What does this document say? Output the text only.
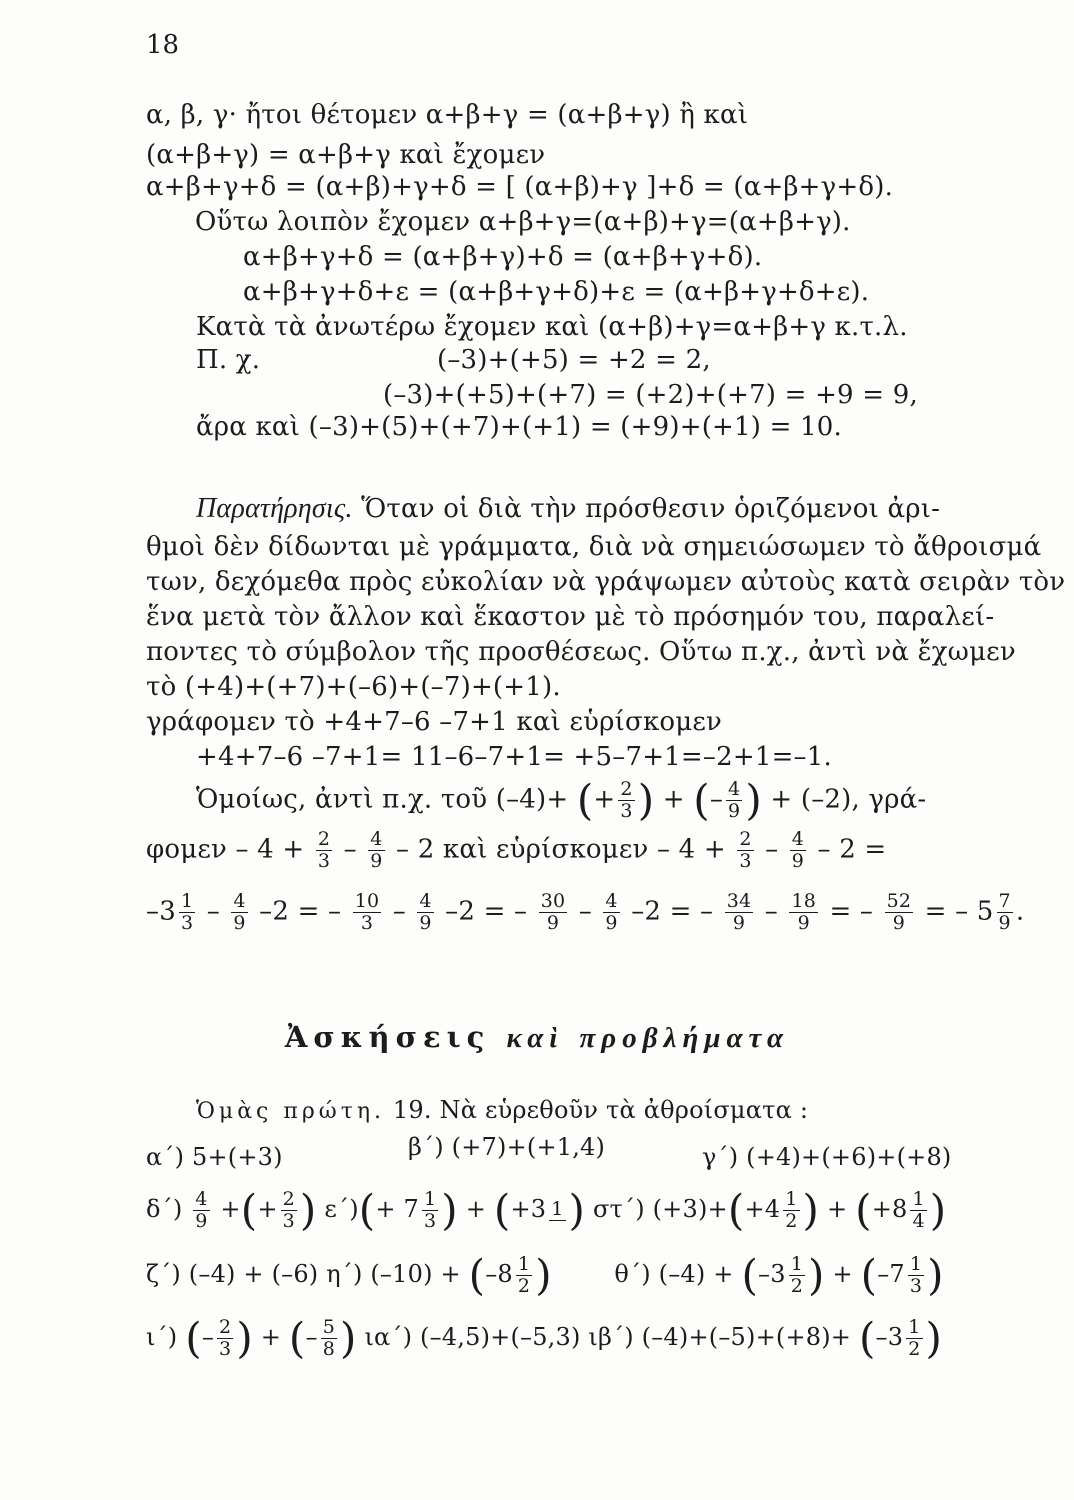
18
α, β, γ· ἤτοι θέτομεν α+β+γ = (α+β+γ) ἢ καὶ
(α+β+γ) = α+β+γ καὶ ἔχομεν
α+β+γ+δ = (α+β)+γ+δ = [ (α+β)+γ ]+δ = (α+β+γ+δ).
Οὕτω λοιπὸν ἔχομεν α+β+γ=(α+β)+γ=(α+β+γ).
α+β+γ+δ = (α+β+γ)+δ = (α+β+γ+δ).
α+β+γ+δ+ε = (α+β+γ+δ)+ε = (α+β+γ+δ+ε).
Κατὰ τὰ ἀνωτέρω ἔχομεν καὶ (α+β)+γ=α+β+γ κ.τ.λ.
Π. χ.	(–3)+(+5) = +2 = 2,
(–3)+(+5)+(+7) = (+2)+(+7) = +9 = 9,
ἄρα καὶ (–3)+(5)+(+7)+(+1) = (+9)+(+1) = 10.
Παρατήρησις. Ὅταν οἱ διὰ τὴν πρόσθεσιν ὁριζόμενοι ἀρι-
θμοὶ δὲν δίδωνται μὲ γράμματα, διὰ νὰ σημειώσωμεν τὸ ἄθροισμά
των, δεχόμεθα πρὸς εὐκολίαν νὰ γράψωμεν αὐτοὺς κατὰ σειρὰν τὸν
ἕνα μετὰ τὸν ἄλλον καὶ ἕκαστον μὲ τὸ πρόσημόν του, παραλεί-
ποντες τὸ σύμβολον τῆς προσθέσεως. Οὕτω π.χ., ἀντὶ νὰ ἔχωμεν
τὸ (+4)+(+7)+(–6)+(–7)+(+1).
γράφομεν τὸ +4+7–6 –7+1 καὶ εὑρίσκομεν
+4+7–6 –7+1= 11–6–7+1= +5–7+1=–2+1=–1.
Ὁμοίως, ἀντὶ π.χ. τοῦ (–4)+ (+ $\frac{2}{3}$ ) + (– $\frac{4}{9}$ ) + (–2), γρά-
$\varphi o\mu\varepsilon\nu - 4 + \frac{2}{3} - \frac{4}{9} - 2$ καὶ εὑρίσκομεν – $4 + \frac{2}{3} - \frac{4}{9} - 2$ =
$-3 \frac{1}{3} - \frac{4}{9} -2$ = – $\frac{10}{3} - \frac{4}{9} -2$ = – $\frac{30}{9} - \frac{4}{9} -2$ = – $\frac{34}{9} - \frac{18}{9}$ = – $\frac{52}{9}$ = – $5 \frac{7}{9}$ .
Ἀσκήσεις καὶ προβλήματα
Ὁμὰς πρώτη. 19. Νὰ εὑρεθοῦν τὰ ἀθροίσματα :
α΄) 5+(+3)	β΄) (+7)+(+1,4)	γ΄) (+4)+(+6)+(+8)
$\delta΄) \frac{4}{9}$ +(+ $\frac{2}{3}$ ) $\varepsilon΄)(+ 7 \frac{1}{3}$ ) + (+3 1 ) στ΄) $(+3)+(+4 \frac{1}{2}$ ) + ($+8 \frac{1}{4}$ )
ζ΄) (–4) + (–6) η΄) $(-10) + (-8 \frac{1}{2}$ )	θ΄) $(-4) + (-3 \frac{1}{2}$ ) + ($-7 \frac{1}{3}$ )
ι΄) (– $\frac{2}{3}$ ) + (– $\frac{5}{8}$ ) ια΄) (–4,5)+(–5,3) ιβ΄) $(-4)+(-5)+(+8)+ (-3 \frac{1}{2}$ )
